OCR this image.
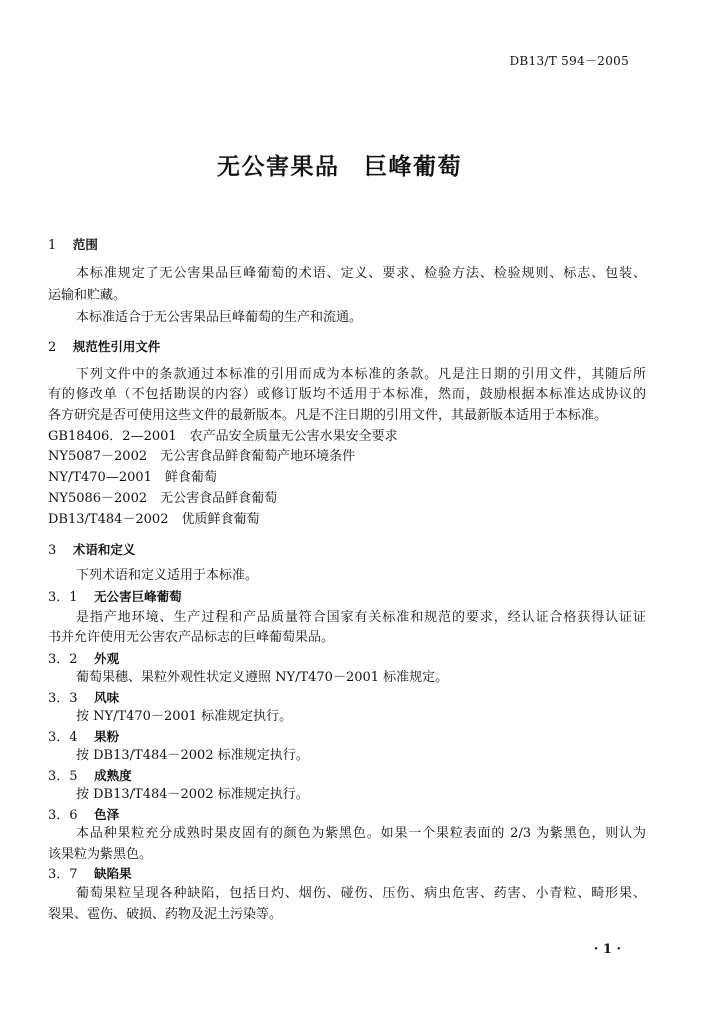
DB13/T 594－2005
无公害果品　巨峰葡萄
1 范围
本标准规定了无公害果品巨峰葡萄的术语、定义、要求、检验方法、检验规则、标志、包装、
运输和贮藏。
本标准适合于无公害果品巨峰葡萄的生产和流通。
2 规范性引用文件
下列文件中的条款通过本标准的引用而成为本标准的条款。凡是注日期的引用文件，其随后所
有的修改单（不包括勘误的内容）或修订版均不适用于本标准，然而，鼓励根据本标准达成协议的
各方研究是否可使用这些文件的最新版本。凡是不注日期的引用文件，其最新版本适用于本标准。
GB18406．2—2001　农产品安全质量无公害水果安全要求
NY5087－2002　无公害食品鲜食葡萄产地环境条件
NY/T470—2001　鲜食葡萄
NY5086－2002　无公害食品鲜食葡萄
DB13/T484－2002　优质鲜食葡萄
3 术语和定义
下列术语和定义适用于本标准。
3．1 无公害巨峰葡萄
是指产地环境、生产过程和产品质量符合国家有关标准和规范的要求，经认证合格获得认证证
书并允许使用无公害农产品标志的巨峰葡萄果品。
3．2 外观
葡萄果穗、果粒外观性状定义遵照 NY/T470－2001 标准规定。
3．3 风味
按 NY/T470－2001 标准规定执行。
3．4 果粉
按 DB13/T484－2002 标准规定执行。
3．5 成熟度
按 DB13/T484－2002 标准规定执行。
3．6 色泽
本品种果粒充分成熟时果皮固有的颜色为紫黑色。如果一个果粒表面的 2/3 为紫黑色，则认为
该果粒为紫黑色。
3．7 缺陷果
葡萄果粒呈现各种缺陷，包括日灼、烟伤、碰伤、压伤、病虫危害、药害、小青粒、畸形果、
裂果、雹伤、破损、药物及泥土污染等。
· 1 ·
